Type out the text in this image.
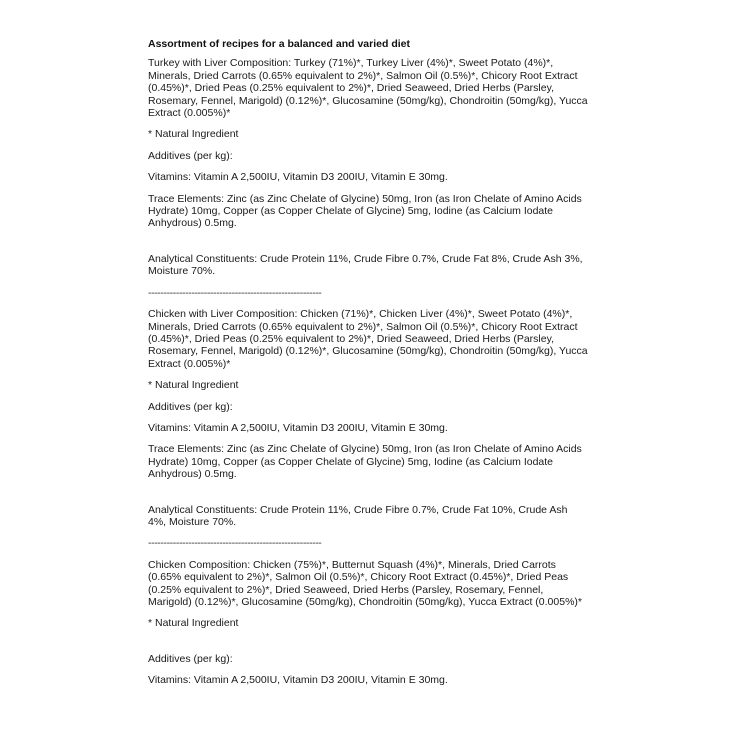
Assortment of recipes for a balanced and varied diet
Turkey with Liver Composition: Turkey (71%)*, Turkey Liver (4%)*, Sweet Potato (4%)*, Minerals, Dried Carrots (0.65% equivalent to 2%)*, Salmon Oil (0.5%)*, Chicory Root Extract (0.45%)*, Dried Peas (0.25% equivalent to 2%)*, Dried Seaweed, Dried Herbs (Parsley, Rosemary, Fennel, Marigold) (0.12%)*, Glucosamine (50mg/kg), Chondroitin (50mg/kg), Yucca Extract (0.005%)*
* Natural Ingredient
Additives (per kg):
Vitamins: Vitamin A 2,500IU, Vitamin D3 200IU, Vitamin E 30mg.
Trace Elements: Zinc (as Zinc Chelate of Glycine) 50mg, Iron (as Iron Chelate of Amino Acids Hydrate) 10mg, Copper (as Copper Chelate of Glycine) 5mg, Iodine (as Calcium Iodate Anhydrous) 0.5mg.
Analytical Constituents: Crude Protein 11%, Crude Fibre 0.7%, Crude Fat 8%, Crude Ash 3%, Moisture 70%.
--------------------------------------------------------
Chicken with Liver Composition: Chicken (71%)*, Chicken Liver (4%)*, Sweet Potato (4%)*, Minerals, Dried Carrots (0.65% equivalent to 2%)*, Salmon Oil (0.5%)*, Chicory Root Extract (0.45%)*, Dried Peas (0.25% equivalent to 2%)*, Dried Seaweed, Dried Herbs (Parsley, Rosemary, Fennel, Marigold) (0.12%)*, Glucosamine (50mg/kg), Chondroitin (50mg/kg), Yucca Extract (0.005%)*
* Natural Ingredient
Additives (per kg):
Vitamins: Vitamin A 2,500IU, Vitamin D3 200IU, Vitamin E 30mg.
Trace Elements: Zinc (as Zinc Chelate of Glycine) 50mg, Iron (as Iron Chelate of Amino Acids Hydrate) 10mg, Copper (as Copper Chelate of Glycine) 5mg, Iodine (as Calcium Iodate Anhydrous) 0.5mg.
Analytical Constituents: Crude Protein 11%, Crude Fibre 0.7%, Crude Fat 10%, Crude Ash 4%, Moisture 70%.
--------------------------------------------------------
Chicken Composition: Chicken (75%)*, Butternut Squash (4%)*, Minerals, Dried Carrots (0.65% equivalent to 2%)*, Salmon Oil (0.5%)*, Chicory Root Extract (0.45%)*, Dried Peas (0.25% equivalent to 2%)*, Dried Seaweed, Dried Herbs (Parsley, Rosemary, Fennel, Marigold) (0.12%)*, Glucosamine (50mg/kg), Chondroitin (50mg/kg), Yucca Extract (0.005%)*
* Natural Ingredient
Additives (per kg):
Vitamins: Vitamin A 2,500IU, Vitamin D3 200IU, Vitamin E 30mg.
